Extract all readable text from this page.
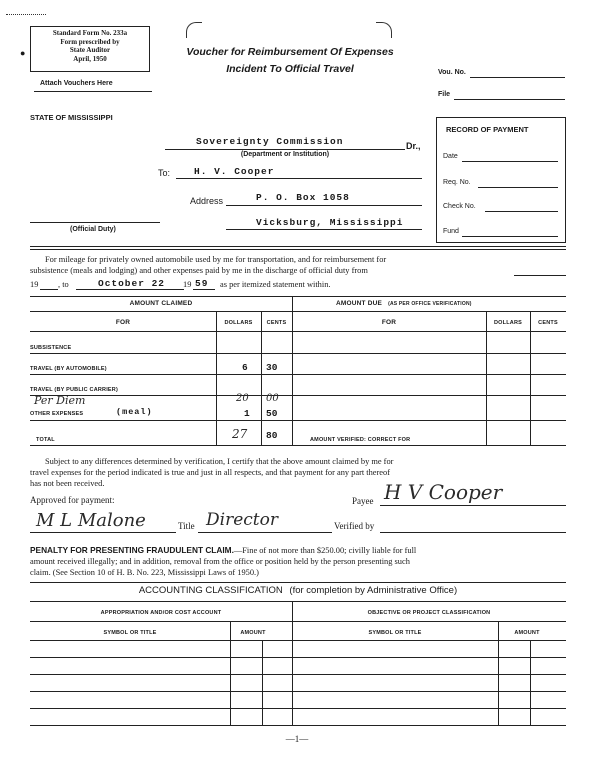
Standard Form No. 233a
Form prescribed by
State Auditor
April, 1950
●
Attach Vouchers Here
Voucher for Reimbursement Of Expenses
Incident To Official Travel	Vou. No.
File
STATE OF MISSISSIPPI
Sovereignty Commission	Dr.,
(Department or Institution)
To:	H. V. Cooper
P. O. Box 1058
Address
Vicksburg, Mississippi
(Official Duty)
RECORD OF PAYMENT
Date
Req. No.
Check No.
Fund
For mileage for privately owned automobile used by me for transportation, and for reimbursement for
subsistence (meals and lodging) and other expenses paid by me in the discharge of official duty from
19 , to	October 22 19 59 as per itemized statement within.
AMOUNT CLAIMED	AMOUNT DUE (AS PER OFFICE VERIFICATION)
FOR	DOLLARS	CENTS	FOR	DOLLARS	CENTS
SUBSISTENCE
TRAVEL (BY AUTOMOBILE)	6 30
TRAVEL (BY PUBLIC CARRIER)
Per Diem	20 00
OTHER EXPENSES	(meal)	1 50
TOTAL	27 80	AMOUNT VERIFIED: CORRECT FOR
Subject to any differences determined by verification, I certify that the above amount claimed by me for
travel expenses for the period indicated is true and just in all respects, and that payment for any part thereof
has not been received.
Approved for payment:	Payee H V Cooper
M L Malone	Title Director	Verified by
PENALTY FOR PRESENTING FRAUDULENT CLAIM.—Fine of not more than $250.00; civilly liable for full
amount received illegally; and in addition, removal from the office or position held by the person presenting such
claim. (See Section 10 of H. B. No. 223, Mississippi Laws of 1950.)
ACCOUNTING CLASSIFICATION (for completion by Administrative Office)
APPROPRIATION AND/OR COST ACCOUNT	OBJECTIVE OR PROJECT CLASSIFICATION
SYMBOL OR TITLE	AMOUNT	SYMBOL OR TITLE	AMOUNT
—1—
